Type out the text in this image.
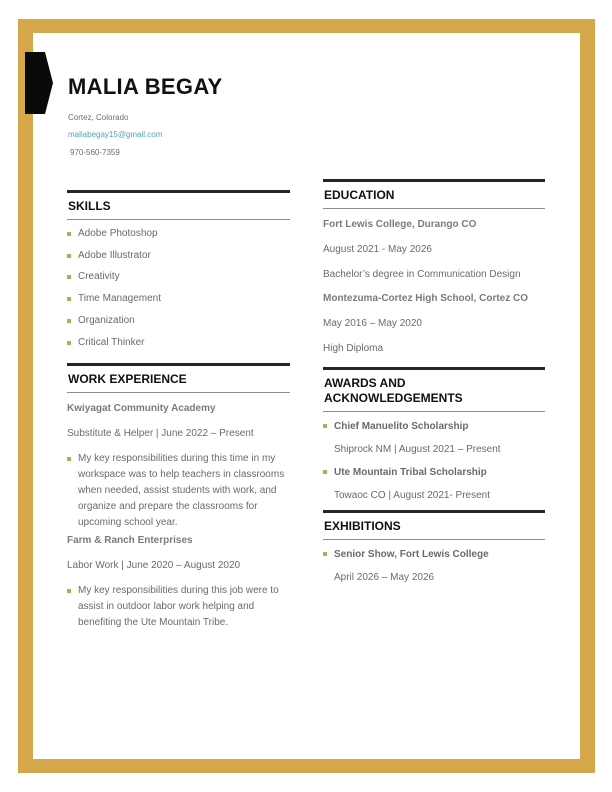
MALIA BEGAY
Cortez, Colorado
maliabegay15@gmail.com
970-560-7359
SKILLS
Adobe Photoshop
Adobe Illustrator
Creativity
Time Management
Organization
Critical Thinker
WORK EXPERIENCE
Kwiyagat Community Academy
Substitute & Helper | June 2022 – Present
My key responsibilities during this time in my workspace was to help teachers in classrooms when needed, assist students with work, and organize and prepare the classrooms for upcoming school year.
Farm & Ranch Enterprises
Labor Work | June 2020 – August 2020
My key responsibilities during this job were to assist in outdoor labor work helping and benefiting the Ute Mountain Tribe.
EDUCATION
Fort Lewis College, Durango CO
August 2021 - May 2026
Bachelor’s degree in Communication Design
Montezuma-Cortez High School, Cortez CO
May 2016 – May 2020
High Diploma
AWARDS AND
ACKNOWLEDGEMENTS
Chief Manuelito Scholarship
Shiprock NM | August 2021 – Present
Ute Mountain Tribal Scholarship
Towaoc CO | August 2021- Present
EXHIBITIONS
Senior Show, Fort Lewis College
April 2026 – May 2026
